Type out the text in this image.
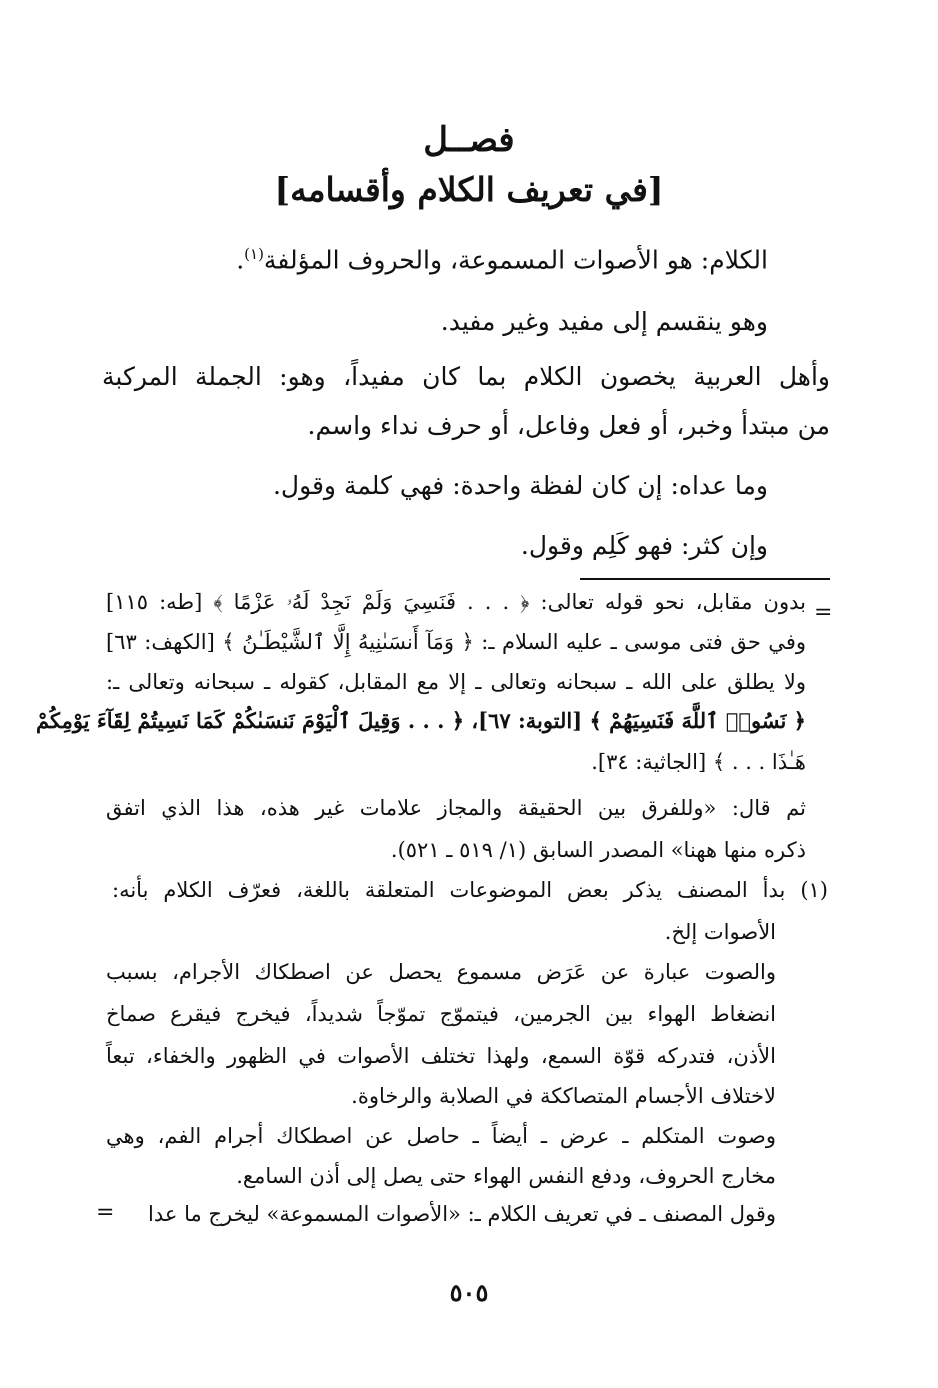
فصــل
[في تعريف الكلام وأقسامه]
الكلام: هو الأصوات المسموعة، والحروف المؤلفة$^{(١)}$.
وهو ينقسم إلى مفيد وغير مفيد.
وأهل العربية يخصون الكلام بما كان مفيداً، وهو: الجملة المركبة
من مبتدأ وخبر، أو فعل وفاعل، أو حرف نداء واسم.
وما عداه: إن كان لفظة واحدة: فهي كلمة وقول.
وإن كثر: فهو كَلِم وقول.
=
بدون مقابل، نحو قوله تعالى: ﴿ . . . فَنَسِيَ وَلَمْ نَجِدْ لَهُۥ عَزْمًا ﴾ [طه: ١١٥]
وفي حق فتى موسى ـ عليه السلام ـ: ﴿ وَمَآ أَنسَىٰنِيهُ إِلَّا ٱلشَّيْطَـٰنُ ﴾ [الكهف: ٦٣]
ولا يطلق على الله ـ سبحانه وتعالى ـ إلا مع المقابل، كقوله ـ سبحانه وتعالى ـ:
﴿ نَسُوا۟ ٱللَّهَ فَنَسِيَهُمْ ﴾ [التوبة: ٦٧]، ﴿ . . . وَقِيلَ ٱلْيَوْمَ نَنسَىٰكُمْ كَمَا نَسِيتُمْ لِقَآءَ يَوْمِكُمْ
هَـٰذَا . . . ﴾ [الجاثية: ٣٤].
ثم قال: «وللفرق بين الحقيقة والمجاز علامات غير هذه، هذا الذي اتفق
ذكره منها ههنا» المصدر السابق (١/ ٥١٩ ـ ٥٢١).
(١) بدأ المصنف يذكر بعض الموضوعات المتعلقة باللغة، فعرّف الكلام بأنه:
الأصوات إلخ.
والصوت عبارة عن عَرَض مسموع يحصل عن اصطكاك الأجرام، بسبب
انضغاط الهواء بين الجرمين، فيتموّج تموّجاً شديداً، فيخرج فيقرع صماخ
الأذن، فتدركه قوّة السمع، ولهذا تختلف الأصوات في الظهور والخفاء، تبعاً
لاختلاف الأجسام المتصاككة في الصلابة والرخاوة.
وصوت المتكلم ـ عرض ـ أيضاً ـ حاصل عن اصطكاك أجرام الفم، وهي
مخارج الحروف، ودفع النفس الهواء حتى يصل إلى أذن السامع.
وقول المصنف ـ في تعريف الكلام ـ: «الأصوات المسموعة» ليخرج ما عدا
=
٥٠٥
